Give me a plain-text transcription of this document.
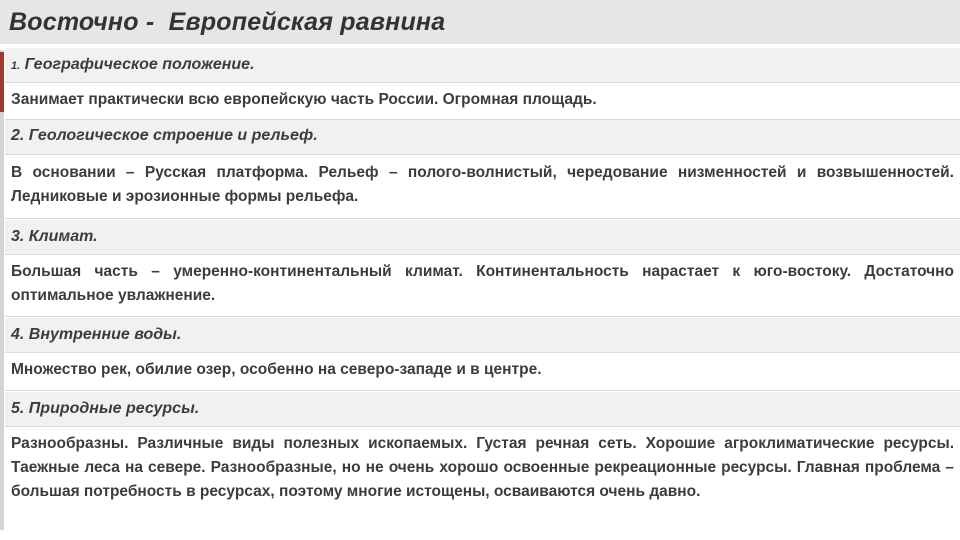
Восточно -  Европейская равнина
1. Географическое положение.
Занимает практически всю европейскую часть России. Огромная площадь.
2. Геологическое строение и рельеф.
В основании – Русская платформа. Рельеф – полого-волнистый, чередование низменностей и возвышенностей. Ледниковые и эрозионные формы рельефа.
3. Климат.
Большая часть – умеренно-континентальный климат. Континентальность нарастает к юго-востоку. Достаточно оптимальное увлажнение.
4. Внутренние воды.
Множество рек, обилие озер, особенно на северо-западе и в центре.
5. Природные ресурсы.
Разнообразны. Различные виды полезных ископаемых. Густая речная сеть. Хорошие агроклиматические ресурсы. Таежные леса на севере. Разнообразные, но не очень хорошо освоенные рекреационные ресурсы. Главная проблема – большая потребность в ресурсах, поэтому многие истощены, осваиваются очень давно.
